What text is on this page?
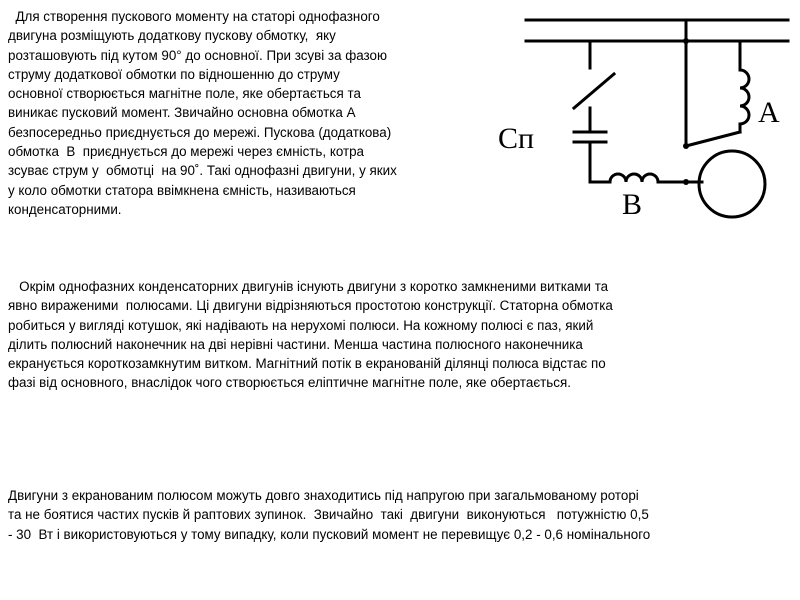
Для створення пускового моменту на статорі однофазного
двигуна розміщують додаткову пускову обмотку,  яку
розташовують під кутом 90° до основної. При зсуві за фазою
струму додаткової обмотки по відношенню до струму
основної створюється магнітне поле, яке обертається та
виникає пусковий момент. Звичайно основна обмотка А
безпосередньо приєднується до мережі. Пускова (додаткова)
обмотка  В  приєднується до мережі через ємність, котра
зсуває струм у  обмотці  на 90˚. Такі однофазні двигуни, у яких
у коло обмотки статора ввімкнена ємність, називаються
конденсаторними.
Cп
A
B
Окрім однофазних конденсаторних двигунів існують двигуни з коротко замкненими витками та
явно вираженими  полюсами. Ці двигуни відрізняються простотою конструкції. Статорна обмотка
робиться у вигляді котушок, які надівають на нерухомі полюси. На кожному полюсі є паз, який
ділить полюсний наконечник на дві нерівні частини. Менша частина полюсного наконечника
екранується короткозамкнутим витком. Магнітний потік в екранованій ділянці полюса відстає по
фазі від основного, внаслідок чого створюється еліптичне магнітне поле, яке обертається.
Двигуни з екранованим полюсом можуть довго знаходитись під напругою при загальмованому роторі
та не боятися частих пусків й раптових зупинок.  Звичайно  такі  двигуни  виконуються   потужністю 0,5
- 30  Вт і використовуються у тому випадку, коли пусковий момент не перевищує 0,2 - 0,6 номінального
